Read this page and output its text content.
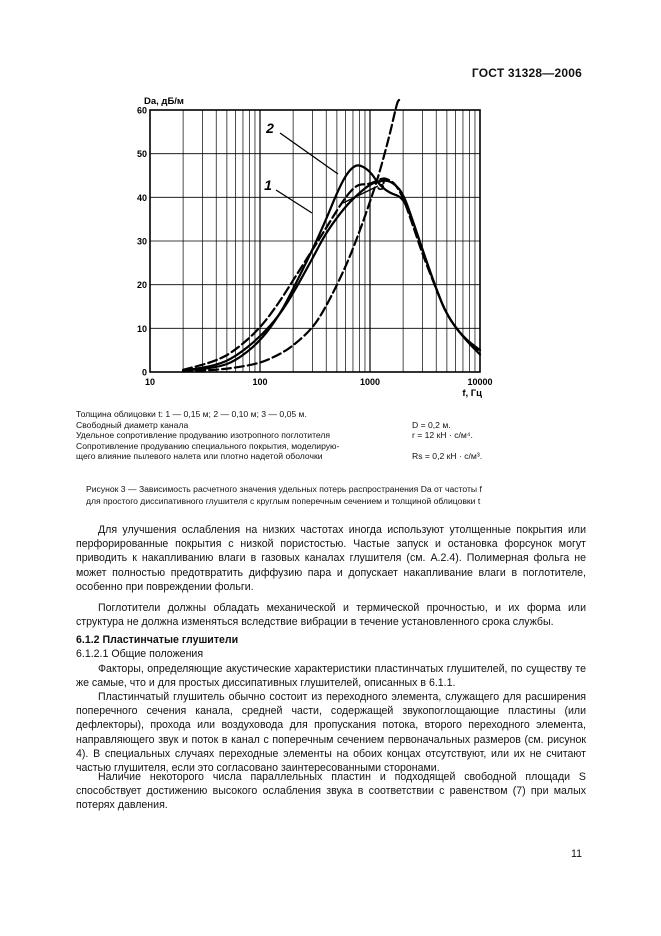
ГОСТ 31328—2006
0
10
20
30
40
50
60
10	100	1000	10000
Da, дБ/м
f, Гц
1
2
3
Толщина облицовки t: 1 — 0,15 м; 2 — 0,10 м; 3 — 0,05 м.
Свободный диаметр канала	D = 0,2 м.
Удельное сопротивление продуванию изотропного поглотителя	r = 12 кН · с/м⁴.
Сопротивление продуванию специального покрытия, моделирую-
щего влияние пылевого налета или плотно надетой оболочки	Rs = 0,2 кН · с/м³.
Рисунок 3 — Зависимость расчетного значения удельных потерь распространения Da от частоты f
для простого диссипативного глушителя с круглым поперечным сечением и толщиной облицовки t
Для улучшения ослабления на низких частотах иногда используют утолщенные покрытия или перфорированные покрытия с низкой пористостью. Частые запуск и остановка форсунок могут приводить к накапливанию влаги в газовых каналах глушителя (см. А.2.4). Полимерная фольга не может полностью предотвратить диффузию пара и допускает накапливание влаги в поглотителе, особенно при повреждении фольги.
Поглотители должны обладать механической и термической прочностью, и их форма или структура не должна изменяться вследствие вибрации в течение установленного срока службы.
6.1.2 Пластинчатые глушители
6.1.2.1 Общие положения
Факторы, определяющие акустические характеристики пластинчатых глушителей, по существу те же самые, что и для простых диссипативных глушителей, описанных в 6.1.1.
Пластинчатый глушитель обычно состоит из переходного элемента, служащего для расширения поперечного сечения канала, средней части, содержащей звукопоглощающие пластины (или дефлекторы), прохода или воздуховода для пропускания потока, второго переходного элемента, направляющего звук и поток в канал с поперечным сечением первоначальных размеров (см. рисунок 4). В специальных случаях переходные элементы на обоих концах отсутствуют, или их не считают частью глушителя, если это согласовано заинтересованными сторонами.
Наличие некоторого числа параллельных пластин и подходящей свободной площади S способствует достижению высокого ослабления звука в соответствии с равенством (7) при малых потерях давления.
11
